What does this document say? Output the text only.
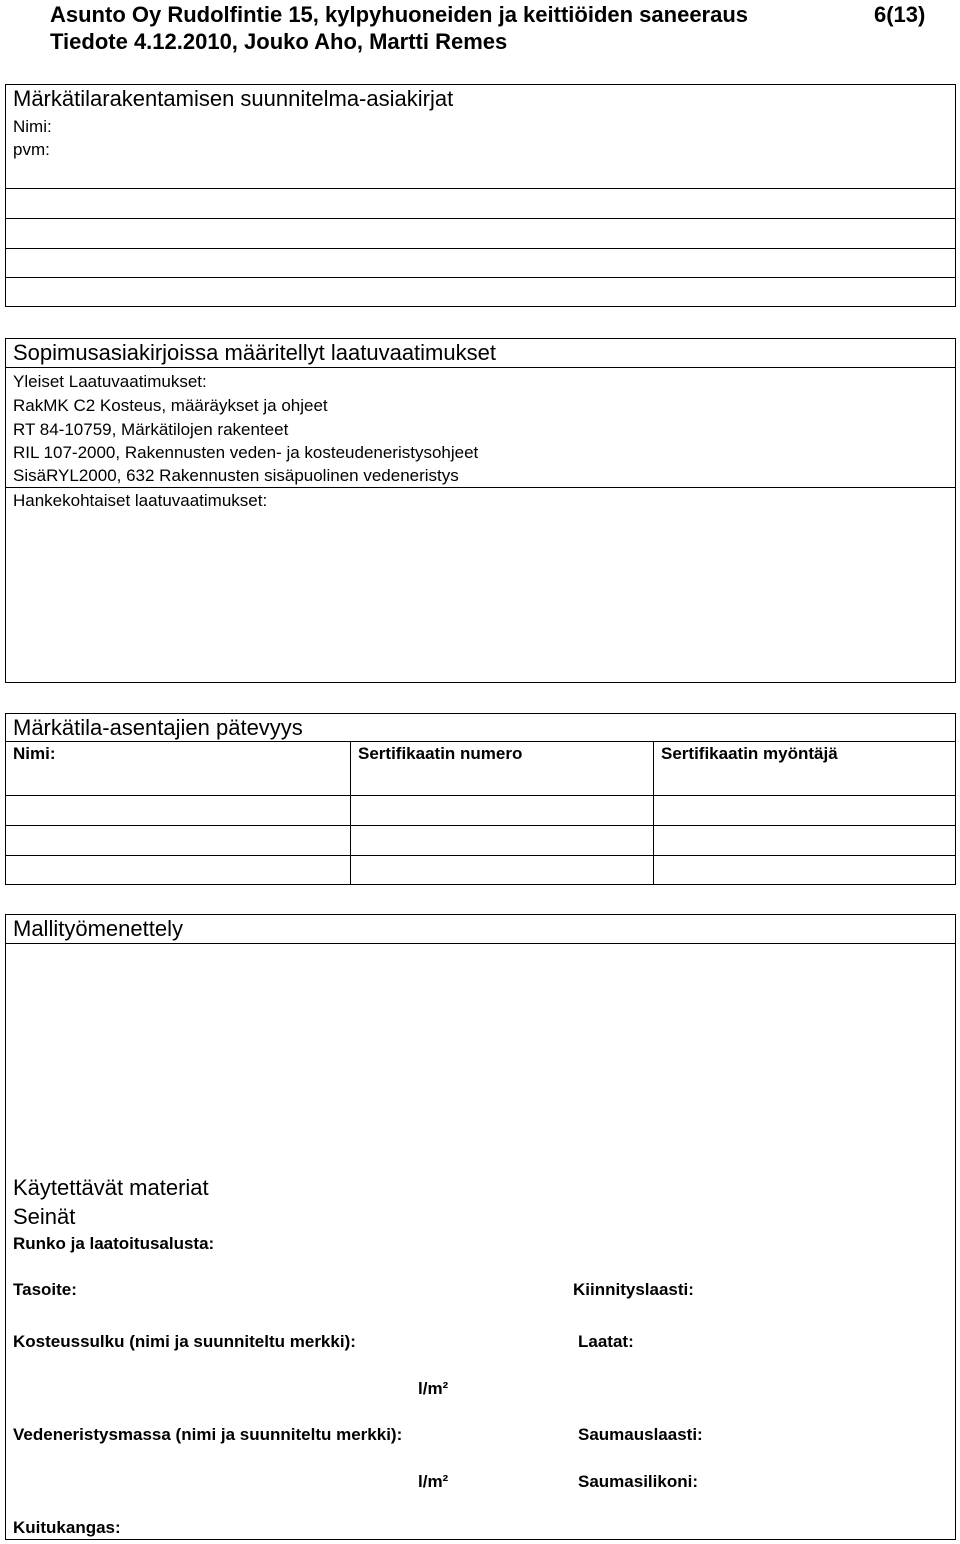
Asunto Oy Rudolfintie 15, kylpyhuoneiden ja keittiöiden saneeraus	6(13)
Tiedote 4.12.2010, Jouko Aho, Martti Remes
Märkätilarakentamisen suunnitelma-asiakirjat
Nimi:
pvm:
Sopimusasiakirjoissa määritellyt laatuvaatimukset
Yleiset Laatuvaatimukset:
RakMK C2 Kosteus, määräykset ja ohjeet
RT 84-10759, Märkätilojen rakenteet
RIL 107-2000, Rakennusten veden- ja kosteudeneristysohjeet
SisäRYL2000, 632 Rakennusten sisäpuolinen vedeneristys
Hankekohtaiset laatuvaatimukset:
Märkätila-asentajien pätevyys
Nimi:	Sertifikaatin numero	Sertifikaatin myöntäjä
Mallityömenettely
Käytettävät materiat
Seinät
Runko ja laatoitusalusta:
Tasoite:	Kiinnityslaasti:
Kosteussulku (nimi ja suunniteltu merkki):	Laatat:
l/m²
Vedeneristysmassa (nimi ja suunniteltu merkki):	Saumauslaasti:
l/m²	Saumasilikoni:
Kuitukangas:
